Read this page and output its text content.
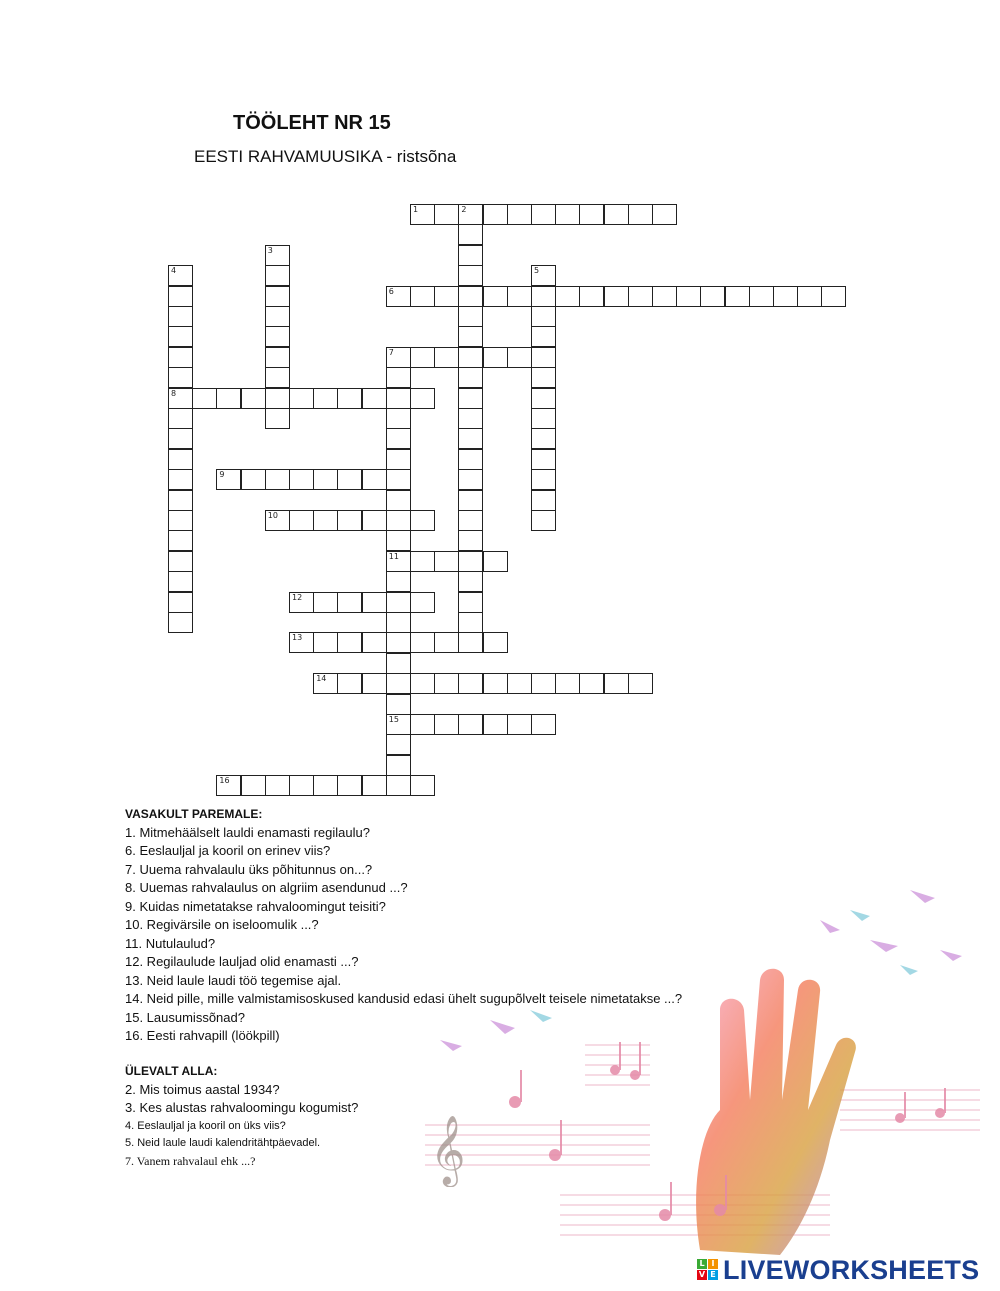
TÖÖLEHT NR 15
EESTI RAHVAMUUSIKA - ristsõna
1	2
3
4
8
5
6
7
11
15
9
10
12
13
14
16
VASAKULT PAREMALE:
1. Mitmehäälselt lauldi enamasti regilaulu?
6. Eeslauljal ja kooril on erinev viis?
7. Uuema rahvalaulu üks põhitunnus on...?
8. Uuemas rahvalaulus on algriim asendunud ...?
9. Kuidas nimetatakse rahvaloomingut teisiti?
10. Regivärsile on iseloomulik ...?
11. Nutulaulud?
12. Regilaulude lauljad olid enamasti ...?
13. Neid laule laudi töö tegemise ajal.
14. Neid pille, mille valmistamisoskused kandusid edasi ühelt sugupõlvelt teisele nimetatakse ...?
15. Lausumissõnad?
16. Eesti rahvapill (löökpill)
ÜLEVALT ALLA:
2. Mis toimus aastal 1934?
3. Kes alustas rahvaloomingu kogumist?
4. Eeslauljal ja kooril on üks viis?
5. Neid laule laudi kalendritähtpäevadel.
7. Vanem rahvalaul ehk ...?	𝄞
L I
V E LIVEWORKSHEETS
